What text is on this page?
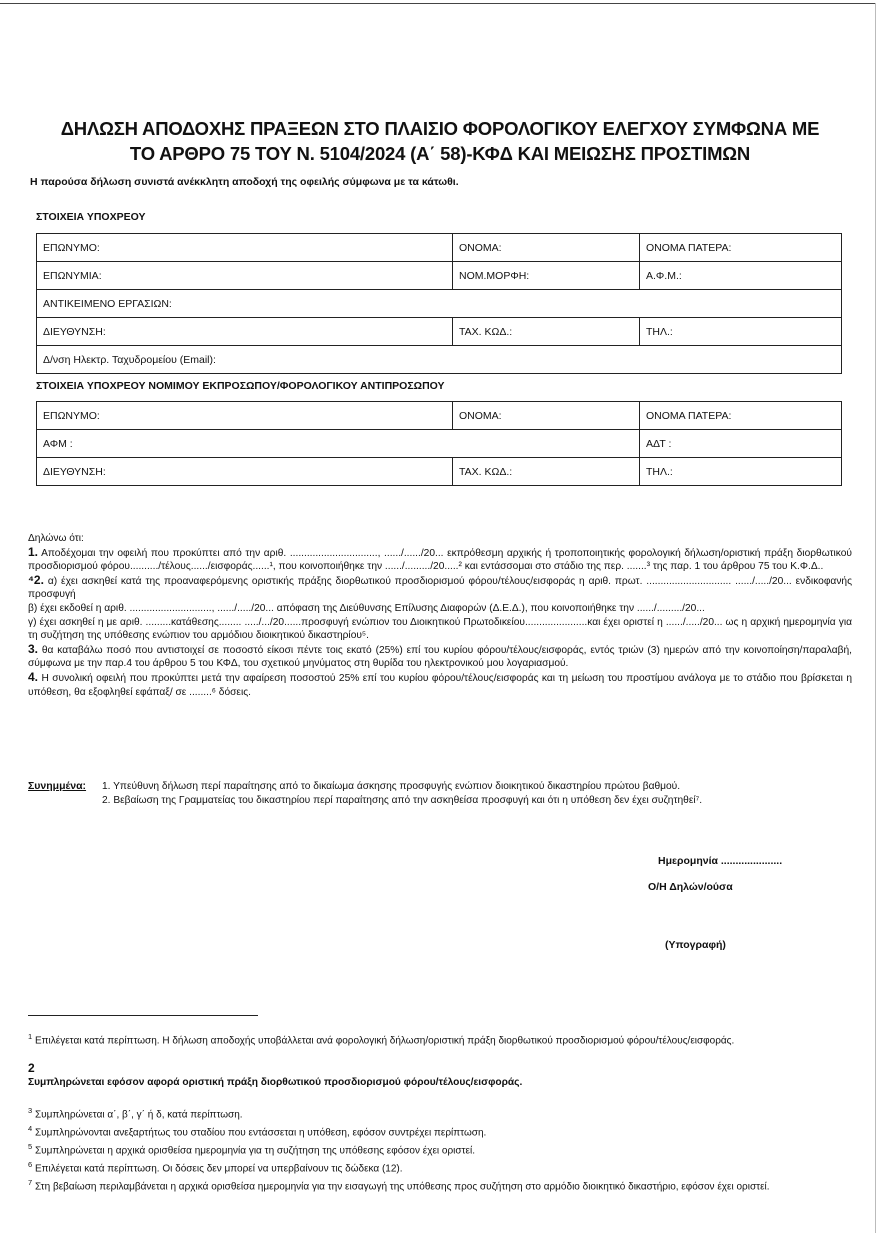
ΔΗΛΩΣΗ ΑΠΟΔΟΧΗΣ ΠΡΑΞΕΩΝ ΣΤΟ ΠΛΑΙΣΙΟ ΦΟΡΟΛΟΓΙΚΟΥ ΕΛΕΓΧΟΥ ΣΥΜΦΩΝΑ ΜΕ
ΤΟ ΑΡΘΡΟ 75 ΤΟΥ Ν. 5104/2024 (Α΄ 58)-ΚΦΔ ΚΑΙ ΜΕΙΩΣΗΣ ΠΡΟΣΤΙΜΩΝ
Η παρούσα δήλωση συνιστά ανέκκλητη αποδοχή της οφειλής σύμφωνα με τα κάτωθι.
ΣΤΟΙΧΕΙΑ ΥΠΟΧΡΕΟΥ
ΕΠΩΝΥΜΟ:	ΟΝΟΜΑ:	ΟΝΟΜΑ ΠΑΤΕΡΑ:
ΕΠΩΝΥΜΙΑ:	ΝΟΜ.ΜΟΡΦΗ:	Α.Φ.Μ.:
ΑΝΤΙΚΕΙΜΕΝΟ ΕΡΓΑΣΙΩΝ:		
ΔΙΕΥΘΥΝΣΗ:	ΤΑΧ. ΚΩΔ.:	ΤΗΛ.:
Δ/νση Ηλεκτρ. Ταχυδρομείου (Email):		
ΣΤΟΙΧΕΙΑ ΥΠΟΧΡΕΟΥ ΝΟΜΙΜΟΥ ΕΚΠΡΟΣΩΠΟΥ/ΦΟΡΟΛΟΓΙΚΟΥ ΑΝΤΙΠΡΟΣΩΠΟΥ
ΕΠΩΝΥΜΟ:	ΟΝΟΜΑ:	ΟΝΟΜΑ ΠΑΤΕΡΑ:
ΑΦΜ :		ΑΔΤ :
ΔΙΕΥΘΥΝΣΗ:	ΤΑΧ. ΚΩΔ.:	ΤΗΛ.:

Δηλώνω ότι:

1. Αποδέχομαι την οφειλή που προκύπτει από την αριθ. ..............................., ....../....../20... εκπρόθεσμη αρχικής ή τροποποιητικής φορολογική δήλωση/οριστική πράξη διορθωτικού προσδιορισμού φόρου........../τέλους....../εισφοράς......¹, που κοινοποιήθηκε την ....../........./20.....² και εντάσσομαι στο στάδιο της περ. .......³ της παρ. 1 του άρθρου 75 του Κ.Φ.Δ..

⁴2. α) έχει ασκηθεί κατά της προαναφερόμενης οριστικής πράξης διορθωτικού προσδιορισμού φόρου/τέλους/εισφοράς η αριθ. πρωτ. .............................. ....../...../20... ενδικοφανής προσφυγή

β) έχει εκδοθεί η αριθ. ............................., ....../...../20... απόφαση της Διεύθυνσης Επίλυσης Διαφορών (Δ.Ε.Δ.), που κοινοποιήθηκε την ....../........./20...

γ) έχει ασκηθεί η με αριθ. .........κατάθεσης........ ...../.../20......προσφυγή ενώπιον του Διοικητικού Πρωτοδικείου......................και έχει οριστεί η ....../...../20... ως η αρχική ημερομηνία για τη συζήτηση της υπόθεσης ενώπιον του αρμόδιου διοικητικού δικαστηρίου⁵.

3. θα καταβάλω ποσό που αντιστοιχεί σε ποσοστό είκοσι πέντε τοις εκατό (25%) επί του κυρίου φόρου/τέλους/εισφοράς, εντός τριών (3) ημερών από την κοινοποίηση/παραλαβή, σύμφωνα με την παρ.4 του άρθρου 5 του ΚΦΔ, του σχετικού μηνύματος στη θυρίδα του ηλεκτρονικού μου λογαριασμού.

4. Η συνολική οφειλή που προκύπτει μετά την αφαίρεση ποσοστού 25% επί του κυρίου φόρου/τέλους/εισφοράς και τη μείωση του προστίμου ανάλογα με το στάδιο που βρίσκεται η υπόθεση, θα εξοφληθεί εφάπαξ/ σε ........⁶ δόσεις.

Συνημμένα: 1. Υπεύθυνη δήλωση περί παραίτησης από το δικαίωμα άσκησης προσφυγής ενώπιον διοικητικού δικαστηρίου πρώτου βαθμού.
2. Βεβαίωση της Γραμματείας του δικαστηρίου περί παραίτησης από την ασκηθείσα προσφυγή και ότι η υπόθεση δεν έχει συζητηθεί⁷.
Ημερομηνία .....................
Ο/Η Δηλών/ούσα
(Υπογραφή)
$^1$ Επιλέγεται κατά περίπτωση. Η δήλωση αποδοχής υποβάλλεται ανά φορολογική δήλωση/οριστική πράξη διορθωτικού προσδιορισμού φόρου/τέλους/εισφοράς.
2
Συμπληρώνεται εφόσον αφορά οριστική πράξη διορθωτικού προσδιορισμού φόρου/τέλους/εισφοράς.
$^3$ Συμπληρώνεται α΄, β΄, γ΄ ή δ, κατά περίπτωση.
$^4$ Συμπληρώνονται ανεξαρτήτως του σταδίου που εντάσσεται η υπόθεση, εφόσον συντρέχει περίπτωση.
$^5$ Συμπληρώνεται η αρχικά ορισθείσα ημερομηνία για τη συζήτηση της υπόθεσης εφόσον έχει οριστεί.
$^6$ Επιλέγεται κατά περίπτωση. Οι δόσεις δεν μπορεί να υπερβαίνουν τις δώδεκα (12).
$^7$ Στη βεβαίωση περιλαμβάνεται η αρχικά ορισθείσα ημερομηνία για την εισαγωγή της υπόθεσης προς συζήτηση στο αρμόδιο διοικητικό δικαστήριο, εφόσον έχει οριστεί.
